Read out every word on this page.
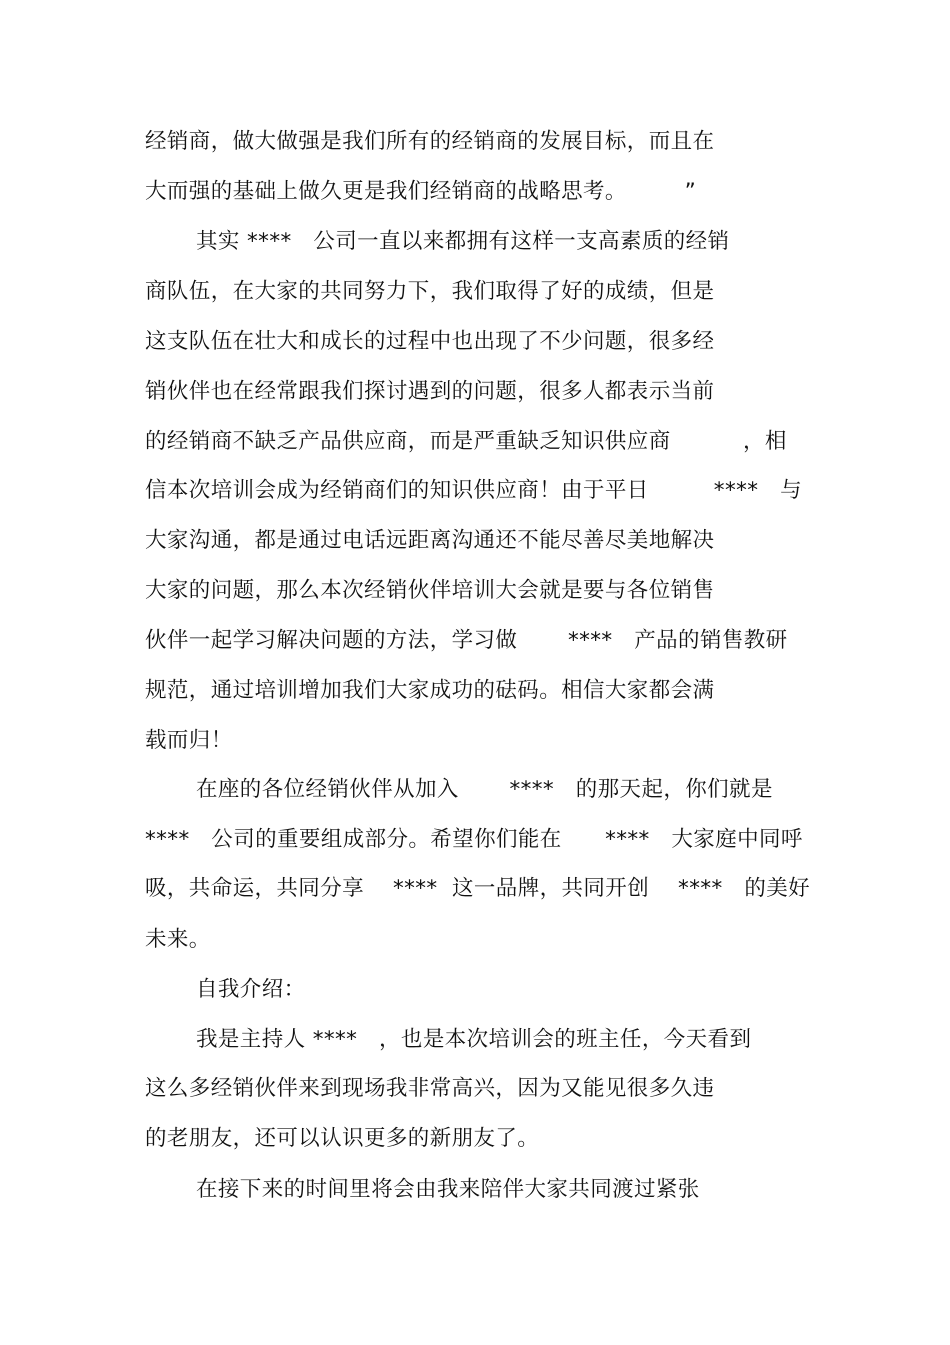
经销商，做大做强是我们所有的经销商的发展目标，而且在
大而强的基础上做久更是我们经销商的战略思考。        ”
其实 ****   公司一直以来都拥有这样一支高素质的经销
商队伍，在大家的共同努力下，我们取得了好的成绩，但是
这支队伍在壮大和成长的过程中也出现了不少问题，很多经
销伙伴也在经常跟我们探讨遇到的问题，很多人都表示当前
的经销商不缺乏产品供应商，而是严重缺乏知识供应商          ，相
信本次培训会成为经销商们的知识供应商！由于平日         ****   与
大家沟通，都是通过电话远距离沟通还不能尽善尽美地解决
大家的问题，那么本次经销伙伴培训大会就是要与各位销售
伙伴一起学习解决问题的方法，学习做       ****   产品的销售教研
规范，通过培训增加我们大家成功的砝码。相信大家都会满
载而归！
在座的各位经销伙伴从加入       ****   的那天起，你们就是
****   公司的重要组成部分。希望你们能在      ****   大家庭中同呼
吸，共命运，共同分享    ****  这一品牌，共同开创    ****   的美好
未来。
自我介绍：
我是主持人 ****   ，也是本次培训会的班主任，今天看到
这么多经销伙伴来到现场我非常高兴，因为又能见很多久违
的老朋友，还可以认识更多的新朋友了。
在接下来的时间里将会由我来陪伴大家共同渡过紧张
